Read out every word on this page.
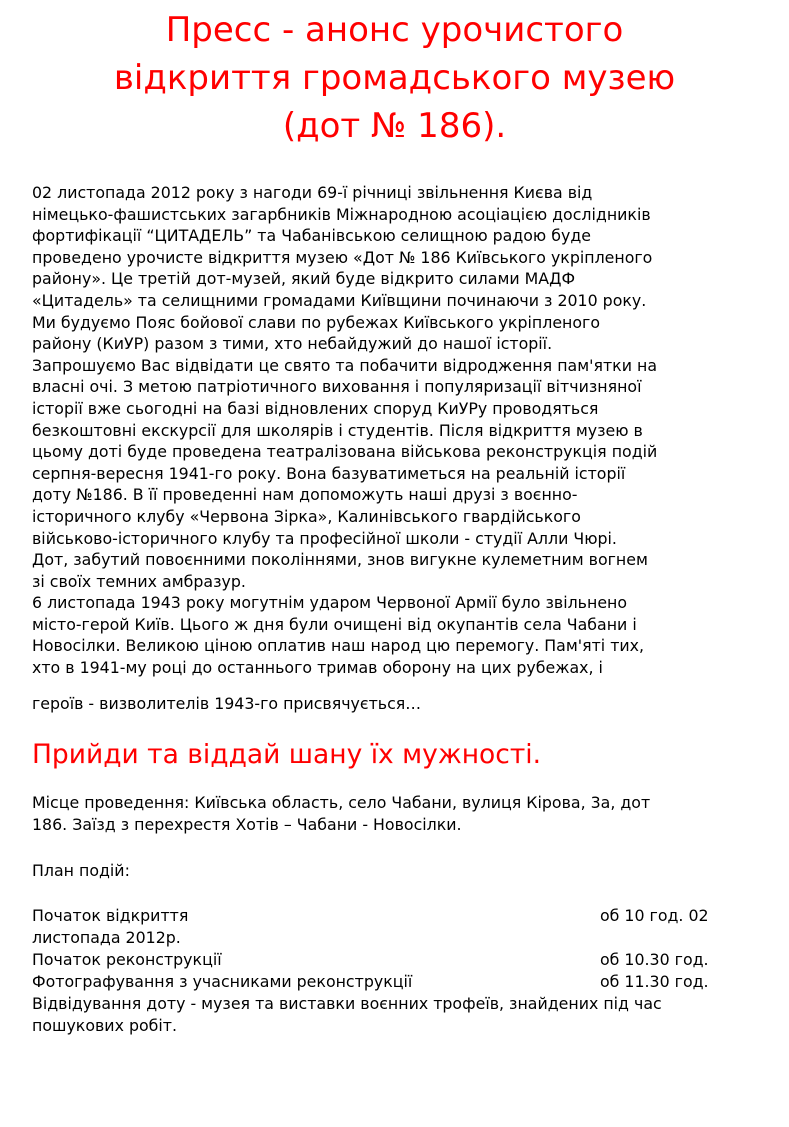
Пресс - анонс урочистого
відкриття громадського музею
(дот № 186).
02 листопада 2012 року з нагоди 69-ї річниці звільнення Києва від
німецько-фашистських загарбників Міжнародною асоціацією дослідників
фортифікації “ЦИТАДЕЛЬ” та Чабанівською селищною радою буде
проведено урочисте відкриття музею «Дот № 186 Київського укріпленого
району». Це третій дот-музей, який буде відкрито силами МАДФ
«Цитадель» та селищними громадами Київщини починаючи з 2010 року.
Ми будуємо Пояс бойової слави по рубежах Київського укріпленого
району (КиУР) разом з тими, хто небайдужий до нашої історії.
Запрошуємо Вас відвідати це свято та побачити відродження пам'ятки на
власні очі. З метою патріотичного виховання і популяризації вітчизняної
історії вже сьогодні на базі відновлених споруд КиУРу проводяться
безкоштовні екскурсії для школярів і студентів. Після відкриття музею в
цьому доті буде проведена театралізована військова реконструкція подій
серпня-вересня 1941-го року. Вона базуватиметься на реальній історії
доту №186. В її проведенні нам допоможуть наші друзі з воєнно-
історичного клубу «Червона Зірка», Калинівського гвардійського
військово-історичного клубу та професійної школи - студії Алли Чюрі.
Дот, забутий повоєнними поколіннями, знов вигукне кулеметним вогнем
зі своїх темних амбразур.
6 листопада 1943 року могутнім ударом Червоної Армії було звільнено
місто-герой Київ. Цього ж дня були очищені від окупантів села Чабани і
Новосілки. Великою ціною оплатив наш народ цю перемогу. Пам'яті тих,
хто в 1941-му році до останнього тримав оборону на цих рубежах, і
героїв - визволителів 1943-го присвячується…
Прийди та віддай шану їх мужності.
Місце проведення: Київська область, село Чабани, вулиця Кірова, 3а, дот
186. Заїзд з перехрестя Хотів – Чабани - Новосілки.
План подій:
Початок відкриття	об 10 год. 02
листопада 2012р.
Початок реконструкції	об 10.30 год.
Фотографування з учасниками реконструкції	об 11.30 год.
Відвідування доту - музея та виставки воєнних трофеїв, знайдених під час
пошукових робіт.
